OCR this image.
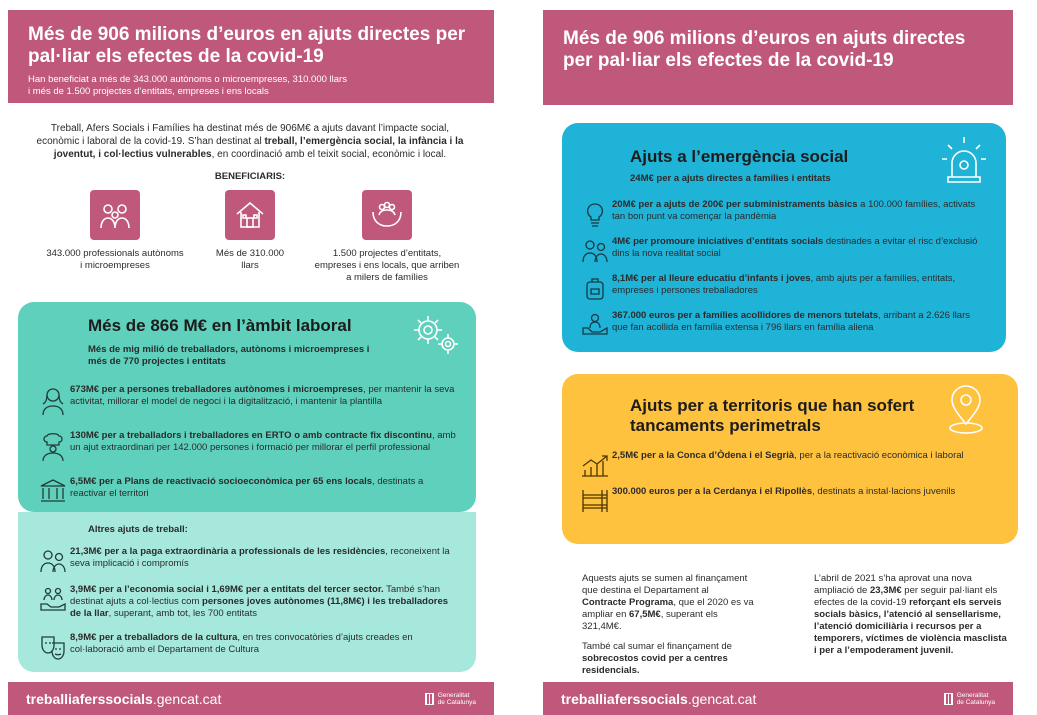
Més de 906 milions d’euros en ajuts directes per pal·liar els efectes de la covid-19
Han beneficiat a més de 343.000 autònoms o microempreses, 310.000 llars
i més de 1.500 projectes d’entitats, empreses i ens locals
Treball, Afers Socials i Famílies ha destinat més de 906M€ a ajuts davant l’impacte social, econòmic i laboral de la covid-19. S’han destinat al treball, l’emergència social, la infància i la joventut, i col·lectius vulnerables, en coordinació amb el teixit social, econòmic i local.
BENEFICIARIS:
343.000 professionals autònoms i microempreses
Més de 310.000 llars
1.500 projectes d’entitats, empreses i ens locals, que arriben a milers de famílies
Més de 866 M€ en l’àmbit laboral
Més de mig milió de treballadors, autònoms i microempreses i més de 770 projectes i entitats
673M€ per a persones treballadores autònomes i microempreses, per mantenir la seva activitat, millorar el model de negoci i la digitalització, i mantenir la plantilla
130M€ per a treballadors i treballadores en ERTO o amb contracte fix discontinu, amb un ajut extraordinari per 142.000 persones i formació per millorar el perfil professional
6,5M€ per a Plans de reactivació socioeconòmica per 65 ens locals, destinats a reactivar el territori
Altres ajuts de treball:
21,3M€ per a la paga extraordinària a professionals de les residències, reconeixent la seva implicació i compromís
3,9M€ per a l’economia social i 1,69M€ per a entitats del tercer sector. També s’han destinat ajuts a col·lectius com persones joves autònomes (11,8M€) i les treballadores de la llar, superant, amb tot, les 700 entitats
8,9M€ per a treballadors de la cultura, en tres convocatòries d’ajuts creades en col·laboració amb el Departament de Cultura
treballiaferssocials.gencat.cat	Generalitat
de Catalunya
Més de 906 milions d’euros en ajuts directes per pal·liar els efectes de la covid-19
Ajuts a l’emergència social
24M€ per a ajuts directes a famílies i entitats
20M€ per a ajuts de 200€ per subministraments bàsics a 100.000 famílies, activats tan bon punt va començar la pandèmia
4M€ per promoure iniciatives d’entitats socials destinades a evitar el risc d’exclusió dins la nova realitat social
8,1M€ per al lleure educatiu d’infants i joves, amb ajuts per a famílies, entitats, empreses i persones treballadores
367.000 euros per a famílies acollidores de menors tutelats, arribant a 2.626 llars que fan acollida en família extensa i 796 llars en família aliena
Ajuts per a territoris que han sofert tancaments perimetrals
2,5M€ per a la Conca d’Òdena i el Segrià, per a la reactivació econòmica i laboral
300.000 euros per a la Cerdanya i el Ripollès, destinats a instal·lacions juvenils

Aquests ajuts se sumen al finançament que destina el Departament al Contracte Programa, que el 2020 es va ampliar en 67,5M€, superant els 321,4M€.

També cal sumar el finançament de sobrecostos covid per a centres residencials.

L’abril de 2021 s’ha aprovat una nova ampliació de 23,3M€ per seguir pal·liant els efectes de la covid-19 reforçant els serveis socials bàsics, l’atenció al sensellarisme, l’atenció domiciliària i recursos per a temporers, víctimes de violència masclista i per a l’empoderament juvenil.

treballiaferssocials.gencat.cat	Generalitat
de Catalunya
